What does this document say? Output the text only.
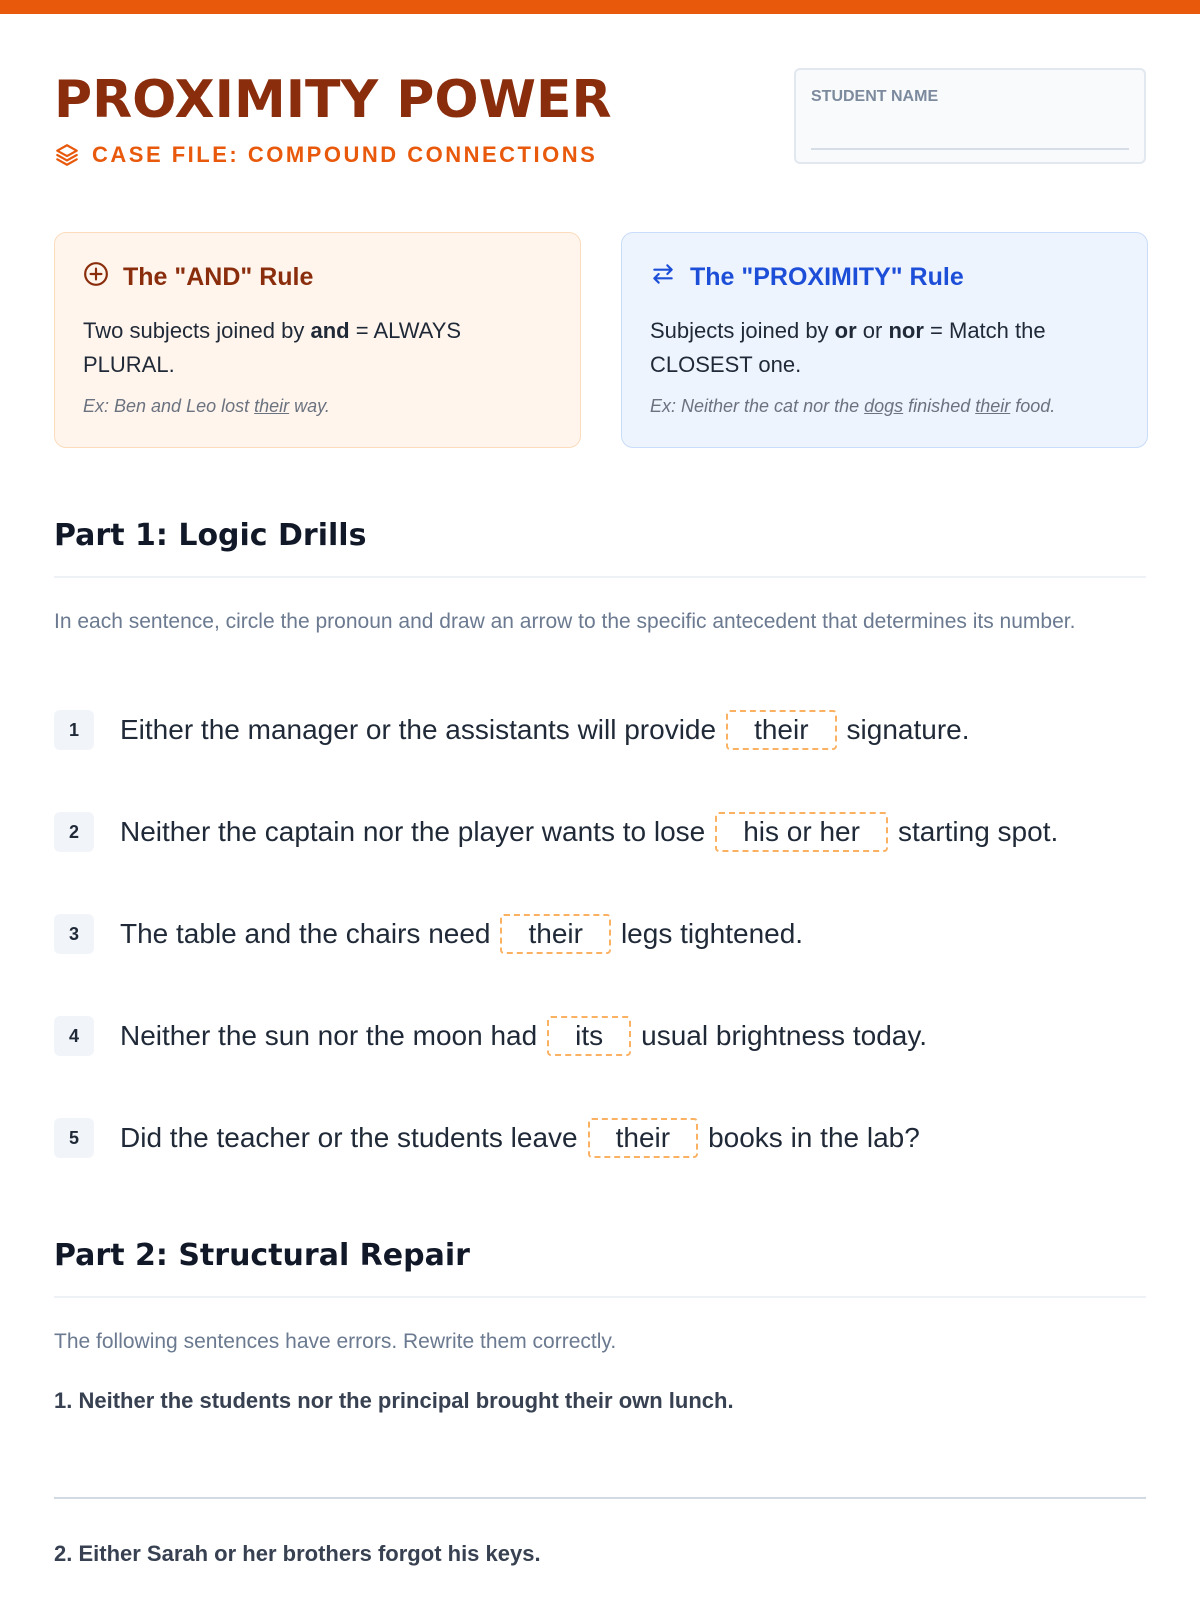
PROXIMITY POWER
CASE FILE: COMPOUND CONNECTIONS
STUDENT NAME
The "AND" Rule
Two subjects joined by and = ALWAYS PLURAL.
Ex: Ben and Leo lost their way.
The "PROXIMITY" Rule
Subjects joined by or or nor = Match the CLOSEST one.
Ex: Neither the cat nor the dogs finished their food.
Part 1: Logic Drills
In each sentence, circle the pronoun and draw an arrow to the specific antecedent that determines its number.
1	Either the manager or the assistants will provide	their	signature.
2	Neither the captain nor the player wants to lose	his or her	starting spot.
3	The table and the chairs need	their	legs tightened.
4	Neither the sun nor the moon had	its	usual brightness today.
5	Did the teacher or the students leave	their	books in the lab?
Part 2: Structural Repair
The following sentences have errors. Rewrite them correctly.
1. Neither the students nor the principal brought their own lunch.
2. Either Sarah or her brothers forgot his keys.
